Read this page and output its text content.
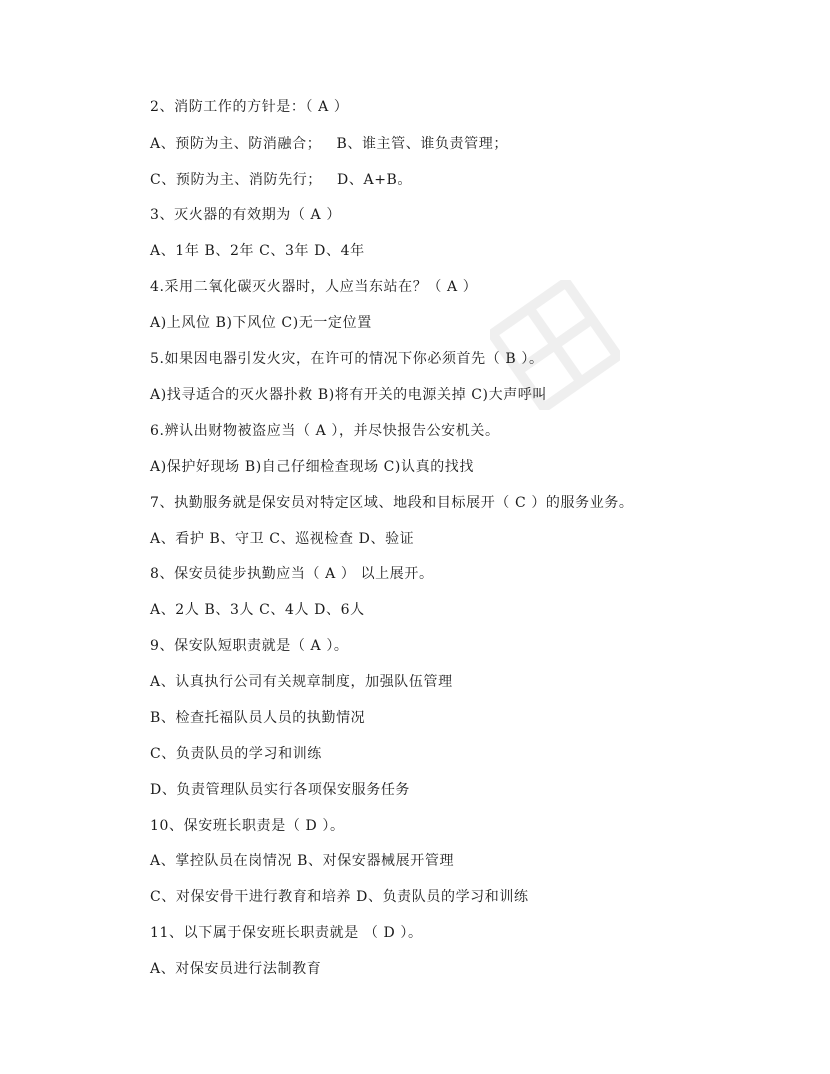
2、消防工作的方针是：（ A ）
A、预防为主、防消融合；   B、谁主管、谁负责管理；
C、预防为主、消防先行；   D、A+B。
3、灭火器的有效期为（ A ）
A、1年 B、2年 C、3年 D、4年
4.采用二氧化碳灭火器时，人应当东站在？（ A ）
A)上风位 B)下风位 C)无一定位置
5.如果因电器引发火灾，在许可的情况下你必须首先（ B ）。
A)找寻适合的灭火器扑救 B)将有开关的电源关掉 C)大声呼叫
6.辨认出财物被盗应当（ A ），并尽快报告公安机关。
A)保护好现场 B)自己仔细检查现场 C)认真的找找
7、执勤服务就是保安员对特定区域、地段和目标展开（ C ）的服务业务。
A、看护 B、守卫 C、巡视检查 D、验证
8、保安员徒步执勤应当（ A ） 以上展开。
A、2人 B、3人 C、4人 D、6人
9、保安队短职责就是（ A ）。
A、认真执行公司有关规章制度，加强队伍管理
B、检查托福队员人员的执勤情况
C、负责队员的学习和训练
D、负责管理队员实行各项保安服务任务
10、保安班长职责是（ D ）。
A、掌控队员在岗情况 B、对保安器械展开管理
C、对保安骨干进行教育和培养 D、负责队员的学习和训练
11、以下属于保安班长职责就是 （ D ）。
A、对保安员进行法制教育
